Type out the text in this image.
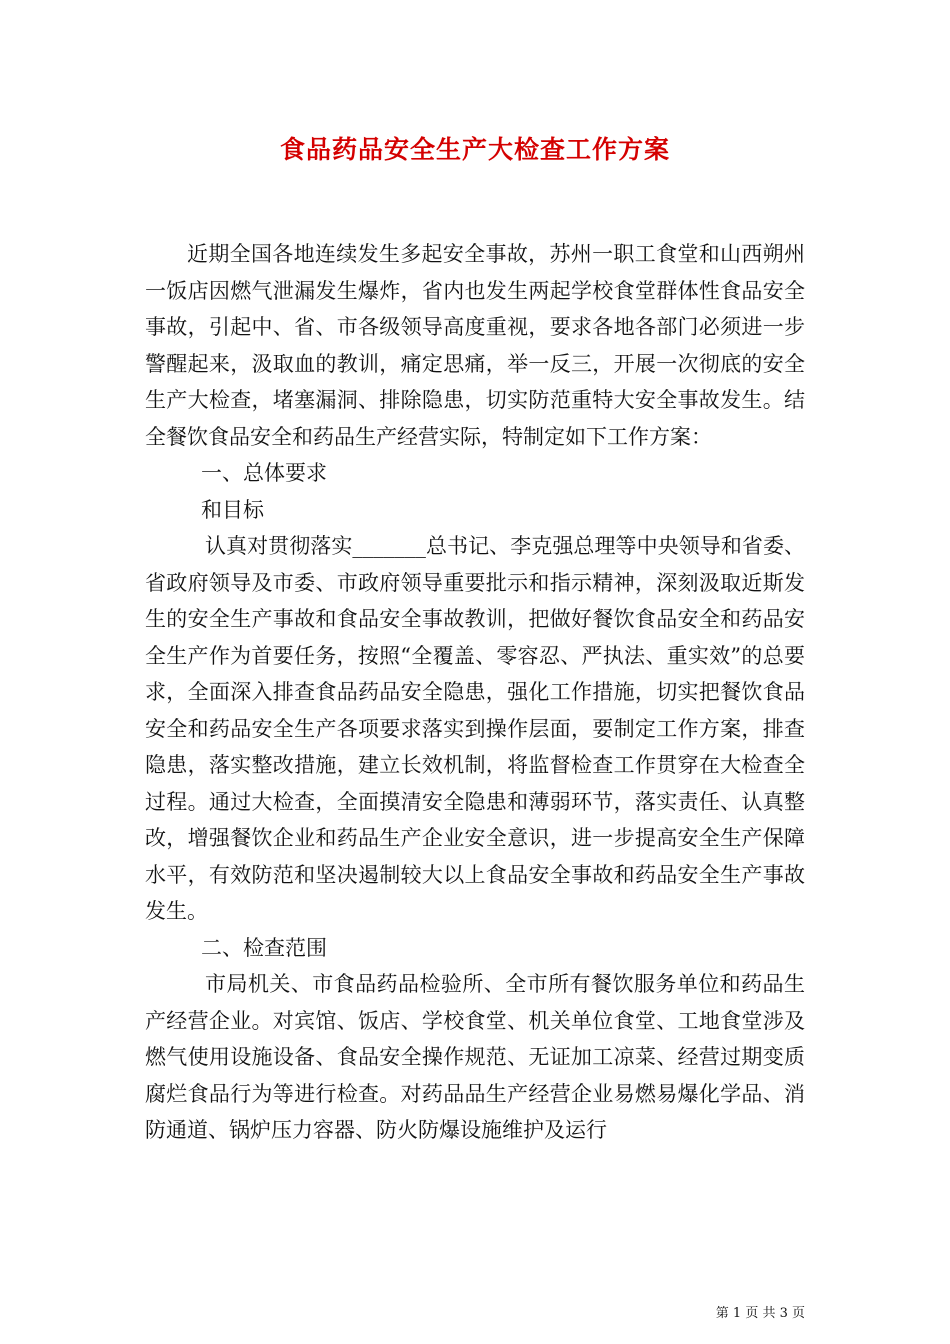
食品药品安全生产大检查工作方案

近期全国各地连续发生多起安全事故，苏州一职工食堂和山西朔州一饭店因燃气泄漏发生爆炸，省内也发生两起学校食堂群体性食品安全事故，引起中、省、市各级领导高度重视，要求各地各部门必须进一步警醒起来，汲取血的教训，痛定思痛，举一反三，开展一次彻底的安全生产大检查，堵塞漏洞、排除隐患，切实防范重特大安全事故发生。结全餐饮食品安全和药品生产经营实际，特制定如下工作方案：

一、总体要求

和目标

认真对贯彻落实_______总书记、李克强总理等中央领导和省委、省政府领导及市委、市政府领导重要批示和指示精神，深刻汲取近斯发生的安全生产事故和食品安全事故教训，把做好餐饮食品安全和药品安全生产作为首要任务，按照“全覆盖、零容忍、严执法、重实效”的总要求，全面深入排查食品药品安全隐患，强化工作措施，切实把餐饮食品安全和药品安全生产各项要求落实到操作层面，要制定工作方案，排查隐患，落实整改措施，建立长效机制，将监督检查工作贯穿在大检查全过程。通过大检查，全面摸清安全隐患和薄弱环节，落实责任、认真整改，增强餐饮企业和药品生产企业安全意识，进一步提高安全生产保障水平，有效防范和坚决遏制较大以上食品安全事故和药品安全生产事故发生。

二、检查范围

市局机关、市食品药品检验所、全市所有餐饮服务单位和药品生产经营企业。对宾馆、饭店、学校食堂、机关单位食堂、工地食堂涉及燃气使用设施设备、食品安全操作规范、无证加工凉菜、经营过期变质腐烂食品行为等进行检查。对药品品生产经营企业易燃易爆化学品、消防通道、锅炉压力容器、防火防爆设施维护及运行

第 1 页 共 3 页
